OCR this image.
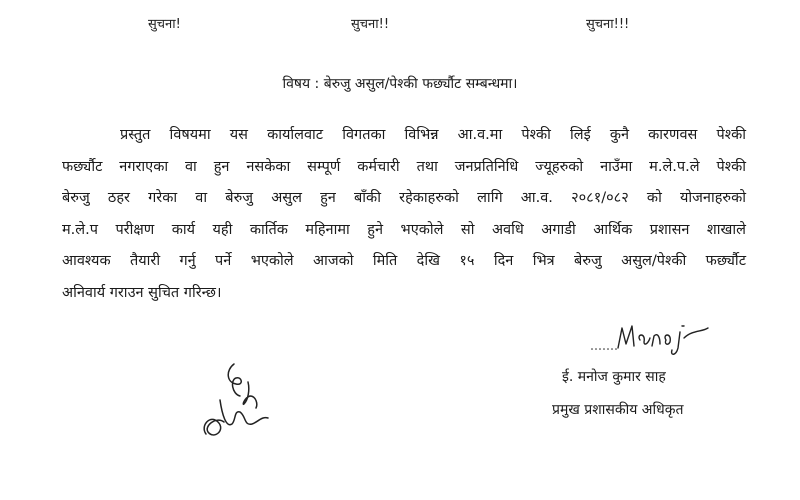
सुचना!	सुचना!!	सुचना!!!
विषय : बेरुजु असुल/पेश्की फर्छ्यौट सम्बन्धमा।
प्रस्तुत विषयमा यस कार्यालवाट विगतका विभिन्न आ.व.मा पेश्की लिई कुनै कारणवस पेश्की
फर्छ्यौट नगराएका वा हुन नसकेका सम्पूर्ण कर्मचारी तथा जनप्रतिनिधि ज्यूहरुको नाउँमा म.ले.प.ले पेश्की
बेरुजु ठहर गरेका वा बेरुजु असुल हुन बाँकी रहेकाहरुको लागि आ.व. २०८१/०८२ को योजनाहरुको
म.ले.प परीक्षण कार्य यही कार्तिक महिनामा हुने भएकोले सो अवधि अगाडी आर्थिक प्रशासन शाखाले
आवश्यक तैयारी गर्नु पर्ने भएकोले आजको मिति देखि १५ दिन भित्र बेरुजु असुल/पेश्की फर्छ्यौट
अनिवार्य गराउन सुचित गरिन्छ।
ई. मनोज कुमार साह
प्रमुख प्रशासकीय अधिकृत
